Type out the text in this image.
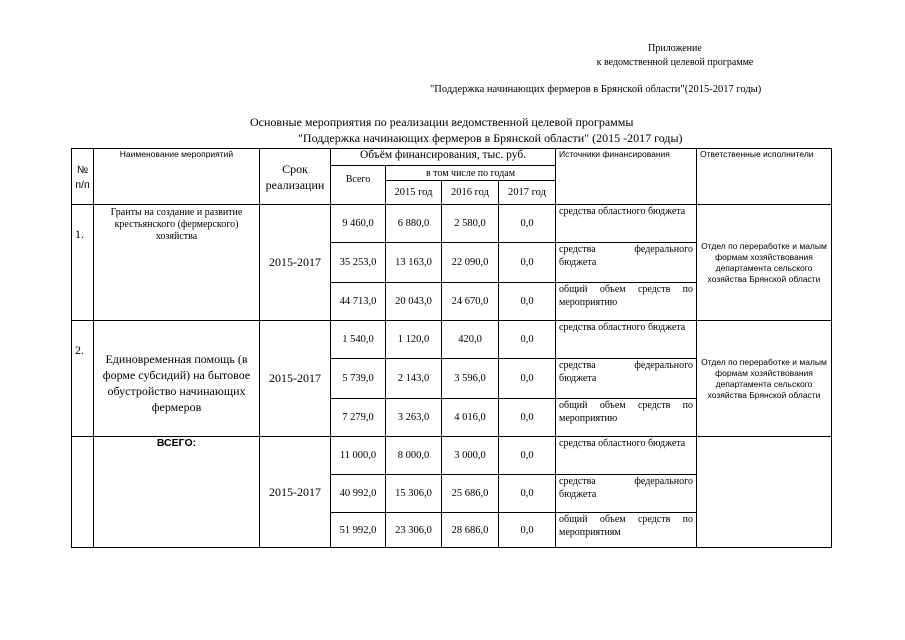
Приложение
к ведомственной целевой программе
"Поддержка начинающих фермеров в Брянской области"(2015-2017 годы)
Основные мероприятия по реализации ведомственной целевой программы
"Поддержка начинающих фермеров в Брянской области" (2015 -2017 годы)
№ п/п	Наименование мероприятий	Срок реализации	Объём финансирования, тыс. руб.				Источники финансирования	Ответственные исполнители
			Всего	в том числе по годам				
				2015 год	2016 год	2017 год		
1.	Гранты на создание и развитие крестьянского (фермерского) хозяйства	2015-2017	9 460,0	6 880,0	2 580,0	0,0	средства областного бюджета	Отдел по переработке и малым формам хозяйствования департамента сельского хозяйства Брянской области
			35 253,0	13 163,0	22 090,0	0,0	средства федерального бюджета	
			44 713,0	20 043,0	24 670,0	0,0	общий объем средств по мероприятию	
2.	Единовременная помощь (в форме субсидий) на бытовое обустройство начинающих фермеров	2015-2017	1 540,0	1 120,0	420,0	0,0	средства областного бюджета	Отдел по переработке и малым формам хозяйствования департамента сельского хозяйства Брянской области
			5 739,0	2 143,0	3 596,0	0,0	средства федерального бюджета	
			7 279,0	3 263,0	4 016,0	0,0	общий объем средств по мероприятию	
	ВСЕГО:	2015-2017	11 000,0	8 000,0	3 000,0	0,0	средства областного бюджета	
			40 992,0	15 306,0	25 686,0	0,0	средства федерального бюджета	
			51 992,0	23 306,0	28 686,0	0,0	общий объем средств по мероприятиям	
